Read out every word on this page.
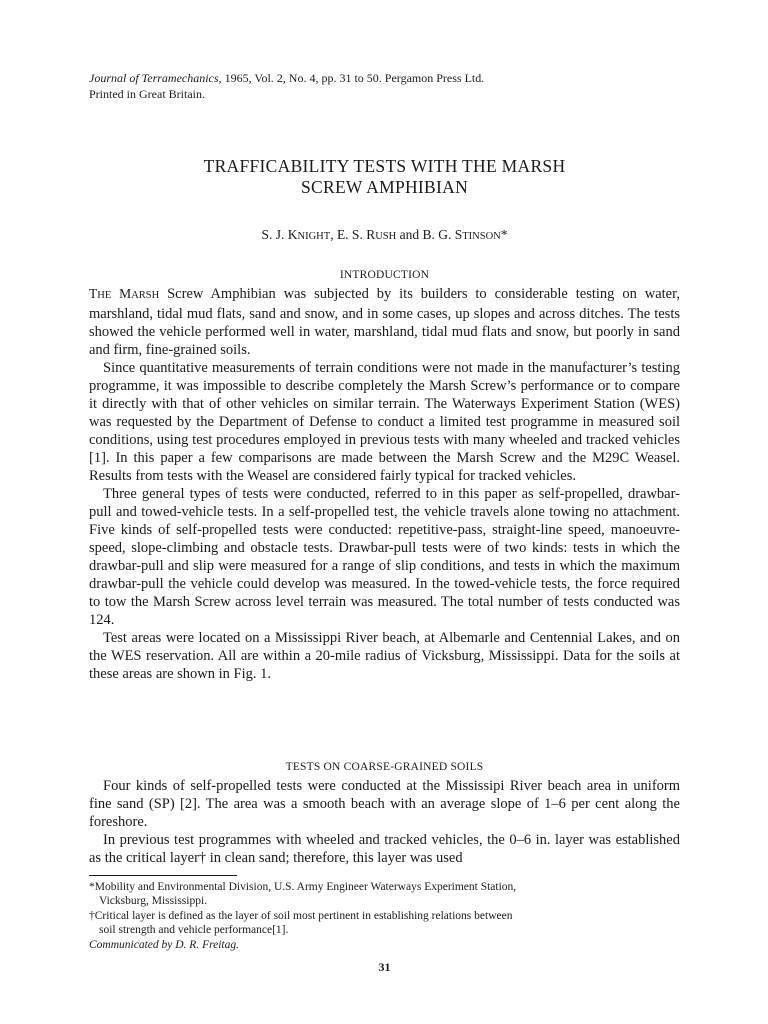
Journal of Terramechanics, 1965, Vol. 2, No. 4, pp. 31 to 50. Pergamon Press Ltd.
Printed in Great Britain.
TRAFFICABILITY TESTS WITH THE MARSH
SCREW AMPHIBIAN
S. J. KNIGHT, E. S. RUSH and B. G. STINSON*
INTRODUCTION

THE MARSH Screw Amphibian was subjected by its builders to considerable testing on water, marshland, tidal mud flats, sand and snow, and in some cases, up slopes and across ditches. The tests showed the vehicle performed well in water, marshland, tidal mud flats and snow, but poorly in sand and firm, fine-grained soils.

Since quantitative measurements of terrain conditions were not made in the manufacturer’s testing programme, it was impossible to describe completely the Marsh Screw’s performance or to compare it directly with that of other vehicles on similar terrain. The Waterways Experiment Station (WES) was requested by the Department of Defense to conduct a limited test programme in measured soil conditions, using test procedures employed in previous tests with many wheeled and tracked vehicles [1]. In this paper a few comparisons are made between the Marsh Screw and the M29C Weasel. Results from tests with the Weasel are considered fairly typical for tracked vehicles.

Three general types of tests were conducted, referred to in this paper as self-propelled, drawbar-pull and towed-vehicle tests. In a self-propelled test, the vehicle travels alone towing no attachment. Five kinds of self-propelled tests were conducted: repetitive-pass, straight-line speed, manoeuvre-speed, slope-climbing and obstacle tests. Drawbar-pull tests were of two kinds: tests in which the drawbar-pull and slip were measured for a range of slip conditions, and tests in which the maximum drawbar-pull the vehicle could develop was measured. In the towed-vehicle tests, the force required to tow the Marsh Screw across level terrain was measured. The total number of tests conducted was 124.

Test areas were located on a Mississippi River beach, at Albemarle and Centennial Lakes, and on the WES reservation. All are within a 20-mile radius of Vicksburg, Mississippi. Data for the soils at these areas are shown in Fig. 1.

TESTS ON COARSE-GRAINED SOILS

Four kinds of self-propelled tests were conducted at the Mississipi River beach area in uniform fine sand (SP) [2]. The area was a smooth beach with an average slope of 1–6 per cent along the foreshore.

In previous test programmes with wheeled and tracked vehicles, the 0–6 in. layer was established as the critical layer† in clean sand; therefore, this layer was used

*Mobility and Environmental Division, U.S. Army Engineer Waterways Experiment Station,
Vicksburg, Mississippi.

†Critical layer is defined as the layer of soil most pertinent in establishing relations between
soil strength and vehicle performance[1].

Communicated by D. R. Freitag.

31
